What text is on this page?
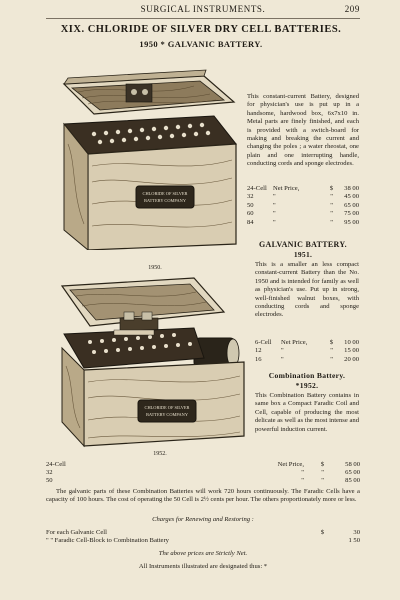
SURGICAL INSTRUMENTS.	209
XIX. CHLORIDE OF SILVER DRY CELL BATTERIES.
1950 * GALVANIC BATTERY.
CHLORIDE OF SILVER
BATTERY COMPANY
1950.
This constant-current Battery, designed for physician's use is put up in a handsome, hardwood box, 6x7x10 in. Metal parts are finely finished, and each is provided with a switch-board for making and breaking the current and changing the poles ; a water rheostat, one plain and one interrupting handle, conducting cords and sponge electrodes.
24-Cell Net Price,	$	38 00
32	"	"	45 00
50	"	"	65 00
60	"	"	75 00
84	"	"	95 00
GALVANIC BATTERY.
1951.
This is a smaller an less compact constant-current Battery than the No. 1950 and is intended for family as well as physician's use. Put up in strong, well-finished walnut boxes, with conducting cords and sponge electrodes.
6-Cell	Net Price,	$	10 00
12	"	"	15 00
16	"	"	20 00
CHLORIDE OF SILVER
BATTERY COMPANY
1952.
Combination Battery.
*1952.
This Combination Battery contains in same box a Compact Faradic Coil and Cell, capable of producing the most delicate as well as the most intense and powerful induction current.
24-Cell	Net Price,	$	58 00
32	"	"	65 00
50	"	"	85 00
The galvanic parts of these Combination Batteries will work 720 hours continuously. The Faradic Cells have a capacity of 100 hours. The cost of operating the 50 Cell is 2½ cents per hour. The others proportionately more or less.
Charges for Renewing and Restoring :
For each Galvanic Cell	$	30
" " Faradic Cell-Block to Combination Battery	1 50
The above prices are Strictly Net.
All Instruments illustrated are designated thus: *
